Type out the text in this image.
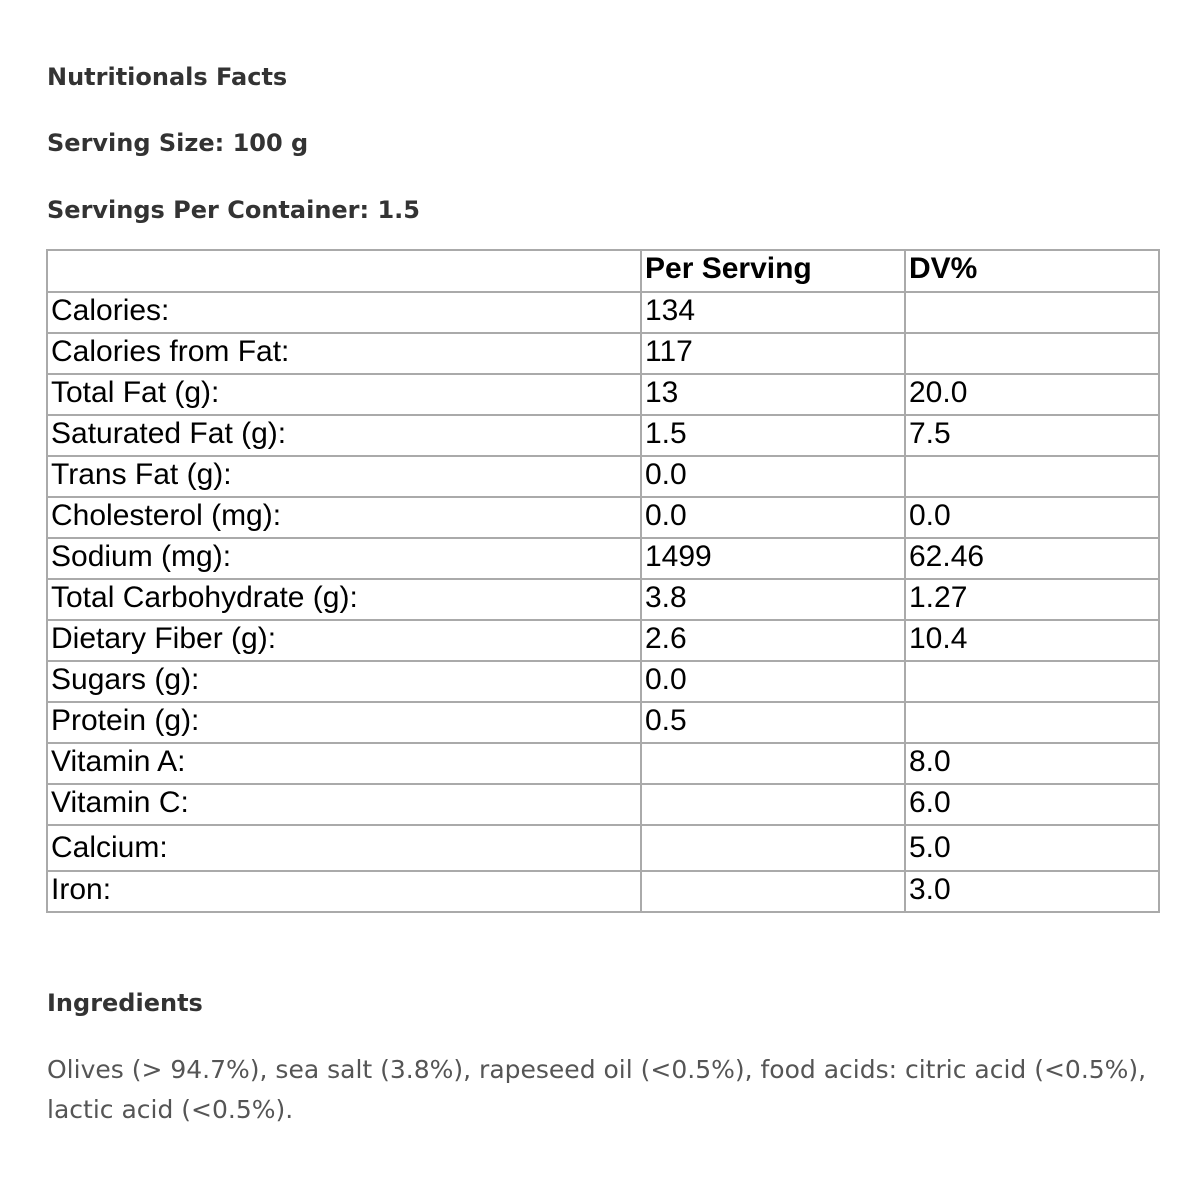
Nutritionals Facts

Serving Size: 100 g

Servings Per Container: 1.5

	Per Serving	DV%
Calories:	134	
Calories from Fat:	117	
Total Fat (g):	13	20.0
Saturated Fat (g):	1.5	7.5
Trans Fat (g):	0.0	
Cholesterol (mg):	0.0	0.0
Sodium (mg):	1499	62.46
Total Carbohydrate (g):	3.8	1.27
Dietary Fiber (g):	2.6	10.4
Sugars (g):	0.0	
Protein (g):	0.5	
Vitamin A:		8.0
Vitamin C:		6.0
Calcium:		5.0
Iron:		3.0
Ingredients

Olives (> 94.7%), sea salt (3.8%), rapeseed oil (<0.5%), food acids: citric acid (<0.5%), lactic acid (<0.5%).
